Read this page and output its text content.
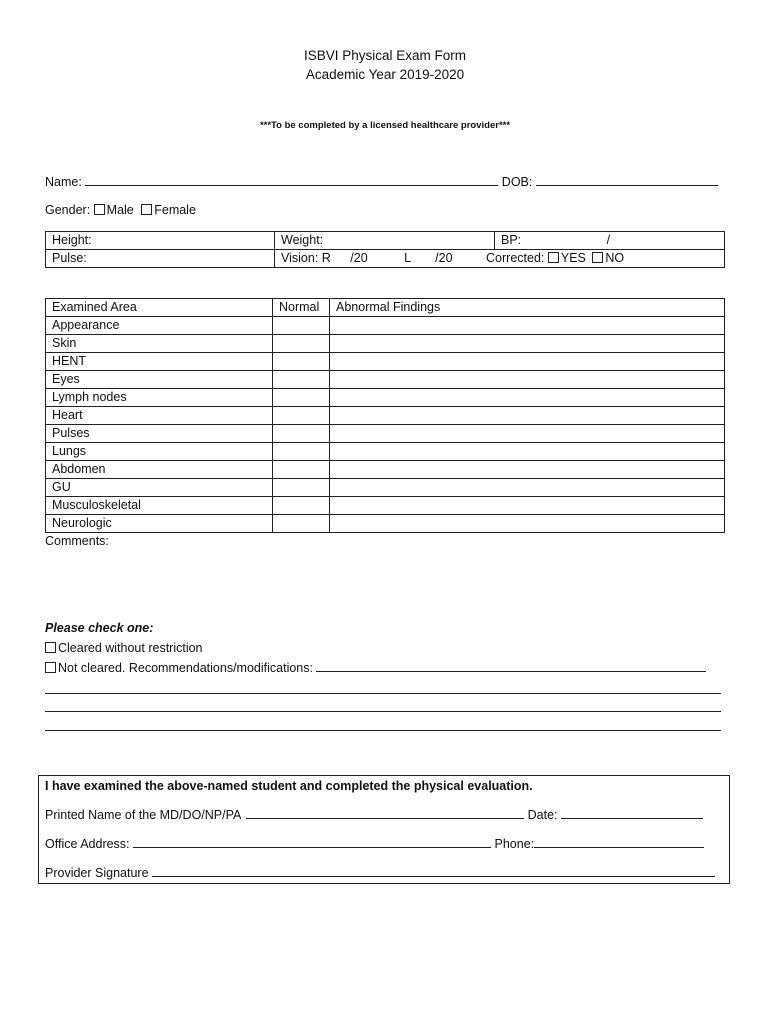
ISBVI Physical Exam Form
Academic Year 2019-2020
***To be completed by a licensed healthcare provider***
Name:	DOB:
Gender: Male Female
Height:	Weight:	BP: /
Pulse:	Vision: R /20 L /20 Corrected: YES NO	
Examined Area	Normal	Abnormal Findings
Appearance		
Skin		
HENT		
Eyes		
Lymph nodes		
Heart		
Pulses		
Lungs		
Abdomen		
GU		
Musculoskeletal		
Neurologic		
Comments:
Please check one:
Cleared without restriction
Not cleared. Recommendations/modifications:
I have examined the above-named student and completed the physical evaluation.
Printed Name of the MD/DO/NP/PA	Date:
Office Address:	Phone:
Provider Signature
